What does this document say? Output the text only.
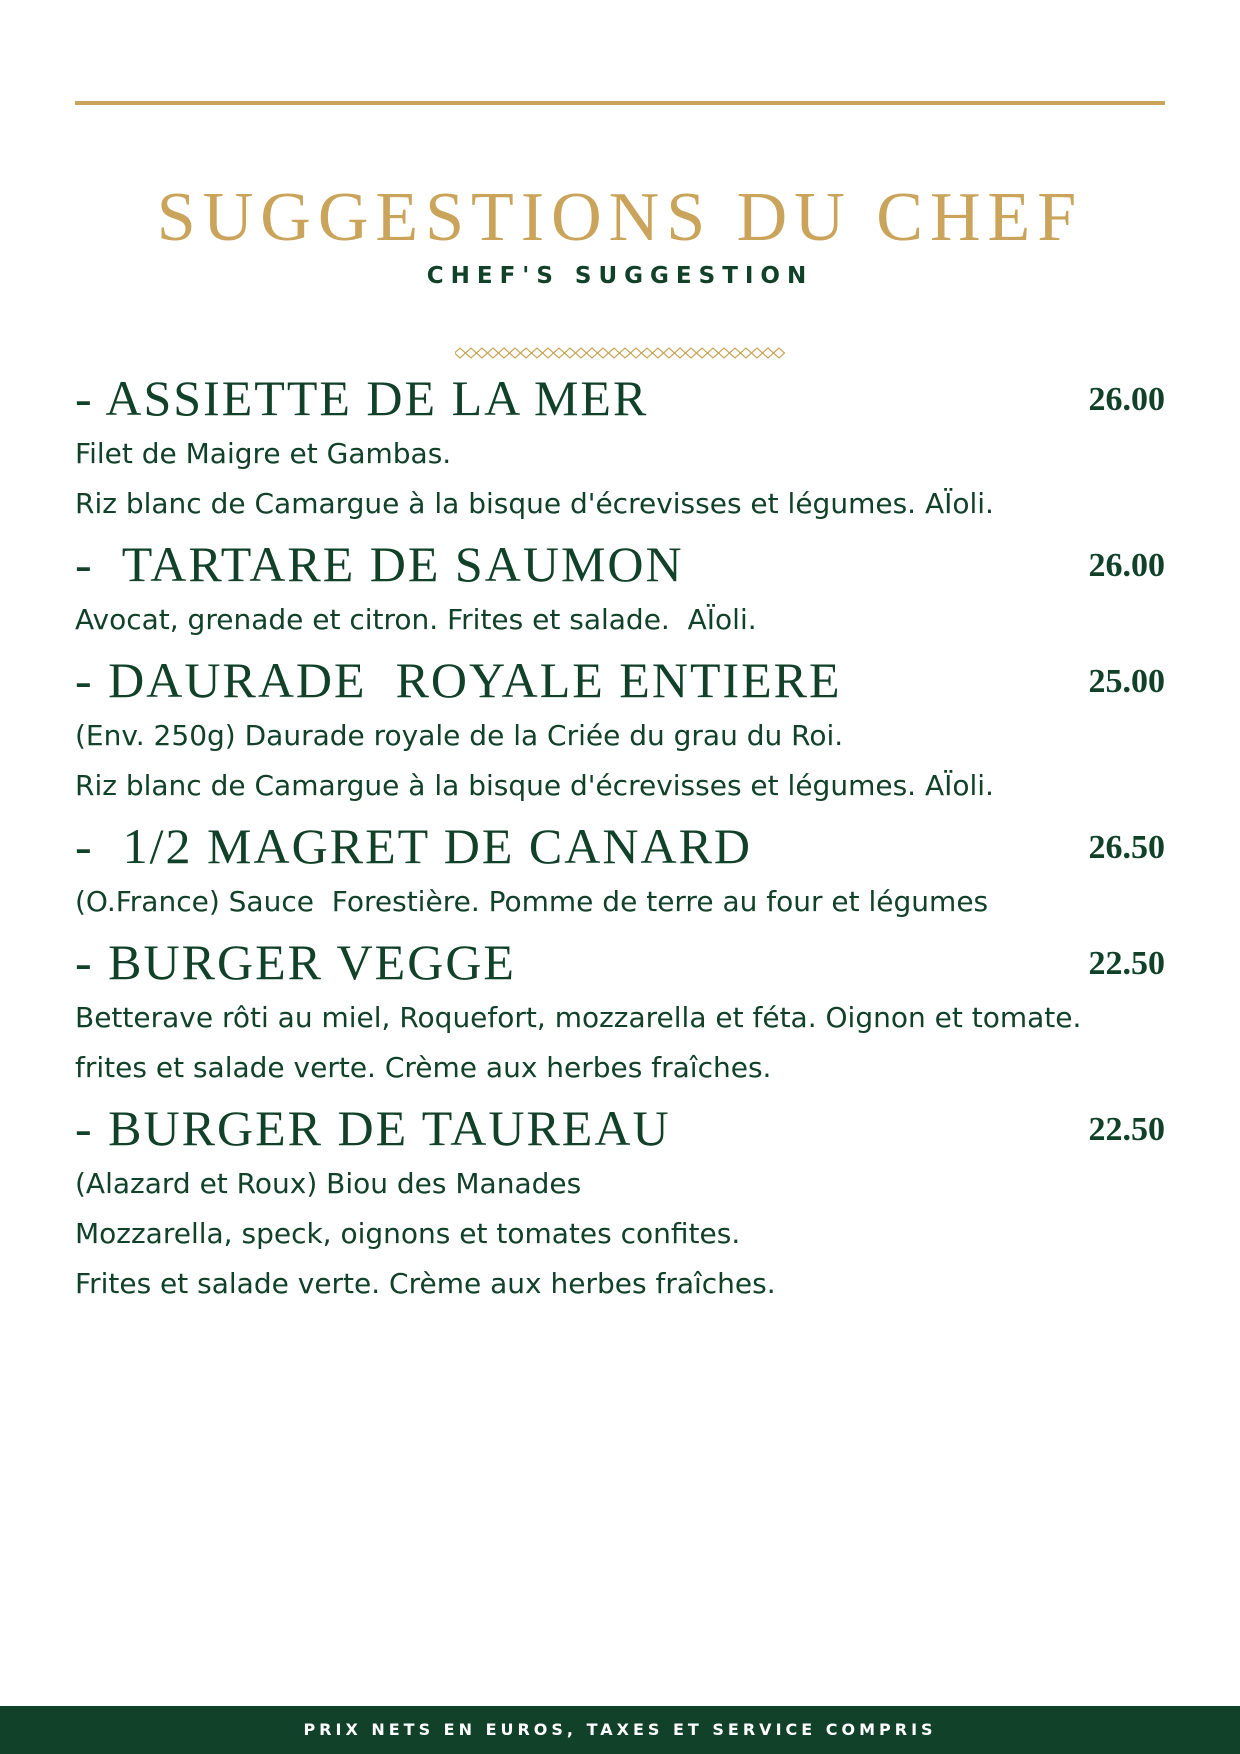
SUGGESTIONS DU CHEF
CHEF'S SUGGESTION
- ASSIETTE DE LA MER	26.00
Filet de Maigre et Gambas.
Riz blanc de Camargue à la bisque d'écrevisses et légumes. AÏoli.
-  TARTARE DE SAUMON	26.00
Avocat, grenade et citron. Frites et salade.  AÏoli.
- DAURADE  ROYALE ENTIERE	25.00
(Env. 250g) Daurade royale de la Criée du grau du Roi.
Riz blanc de Camargue à la bisque d'écrevisses et légumes. AÏoli.
-  1/2 MAGRET DE CANARD	26.50
(O.France) Sauce  Forestière. Pomme de terre au four et légumes
- BURGER VEGGE	22.50
Betterave rôti au miel, Roquefort, mozzarella et féta. Oignon et tomate.
frites et salade verte. Crème aux herbes fraîches.
- BURGER DE TAUREAU	22.50
(Alazard et Roux) Biou des Manades
Mozzarella, speck, oignons et tomates confites.
Frites et salade verte. Crème aux herbes fraîches.
PRIX NETS EN EUROS, TAXES ET SERVICE COMPRIS
